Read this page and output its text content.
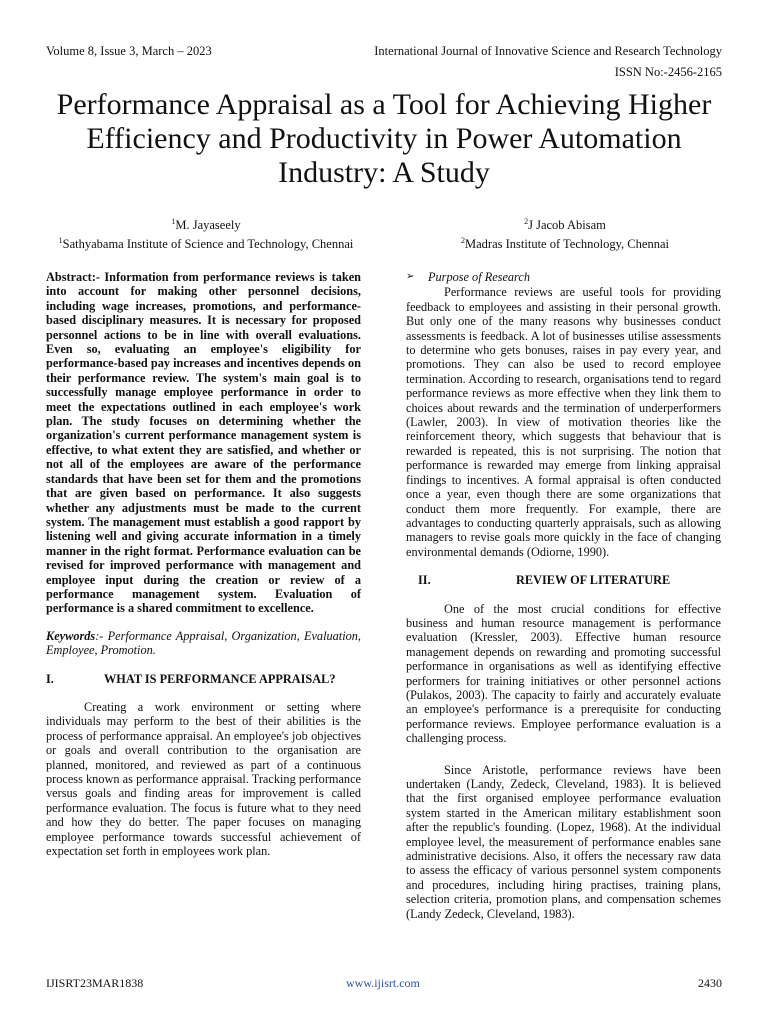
Volume 8, Issue 3, March – 2023	International Journal of Innovative Science and Research Technology
ISSN No:-2456-2165
Performance Appraisal as a Tool for Achieving Higher Efficiency and Productivity in Power Automation Industry: A Study
$^1$M. Jayaseely
$^1$Sathyabama Institute of Science and Technology, Chennai
$^2$J Jacob Abisam
$^2$Madras Institute of Technology, Chennai
Abstract:- Information from performance reviews is taken into account for making other personnel decisions, including wage increases, promotions, and performance-based disciplinary measures. It is necessary for proposed personnel actions to be in line with overall evaluations. Even so, evaluating an employee's eligibility for performance-based pay increases and incentives depends on their performance review. The system's main goal is to successfully manage employee performance in order to meet the expectations outlined in each employee's work plan. The study focuses on determining whether the organization's current performance management system is effective, to what extent they are satisfied, and whether or not all of the employees are aware of the performance standards that have been set for them and the promotions that are given based on performance. It also suggests whether any adjustments must be made to the current system. The management must establish a good rapport by listening well and giving accurate information in a timely manner in the right format. Performance evaluation can be revised for improved performance with management and employee input during the creation or review of a performance management system. Evaluation of performance is a shared commitment to excellence.
Keywords:- Performance Appraisal, Organization, Evaluation, Employee, Promotion.
I.	WHAT IS PERFORMANCE APPRAISAL?

Creating a work environment or setting where individuals may perform to the best of their abilities is the process of performance appraisal. An employee's job objectives or goals and overall contribution to the organisation are planned, monitored, and reviewed as part of a continuous process known as performance appraisal. Tracking performance versus goals and finding areas for improvement is called performance evaluation. The focus is future what to they need and how they do better. The paper focuses on managing employee performance towards successful achievement of expectation set forth in employees work plan.

➢	Purpose of Research

Performance reviews are useful tools for providing feedback to employees and assisting in their personal growth. But only one of the many reasons why businesses conduct assessments is feedback. A lot of businesses utilise assessments to determine who gets bonuses, raises in pay every year, and promotions. They can also be used to record employee termination. According to research, organisations tend to regard performance reviews as more effective when they link them to choices about rewards and the termination of underperformers (Lawler, 2003). In view of motivation theories like the reinforcement theory, which suggests that behaviour that is rewarded is repeated, this is not surprising. The notion that performance is rewarded may emerge from linking appraisal findings to incentives. A formal appraisal is often conducted once a year, even though there are some organizations that conduct them more frequently. For example, there are advantages to conducting quarterly appraisals, such as allowing managers to revise goals more quickly in the face of changing environmental demands (Odiorne, 1990).

II.	REVIEW OF LITERATURE

One of the most crucial conditions for effective business and human resource management is performance evaluation (Kressler, 2003). Effective human resource management depends on rewarding and promoting successful performance in organisations as well as identifying effective performers for training initiatives or other personnel actions (Pulakos, 2003). The capacity to fairly and accurately evaluate an employee's performance is a prerequisite for conducting performance reviews. Employee performance evaluation is a challenging process.

Since Aristotle, performance reviews have been undertaken (Landy, Zedeck, Cleveland, 1983). It is believed that the first organised employee performance evaluation system started in the American military establishment soon after the republic's founding. (Lopez, 1968). At the individual employee level, the measurement of performance enables sane administrative decisions. Also, it offers the necessary raw data to assess the efficacy of various personnel system components and procedures, including hiring practises, training plans, selection criteria, promotion plans, and compensation schemes (Landy Zedeck, Cleveland, 1983).

IJISRT23MAR1838	www.ijisrt.com	2430
